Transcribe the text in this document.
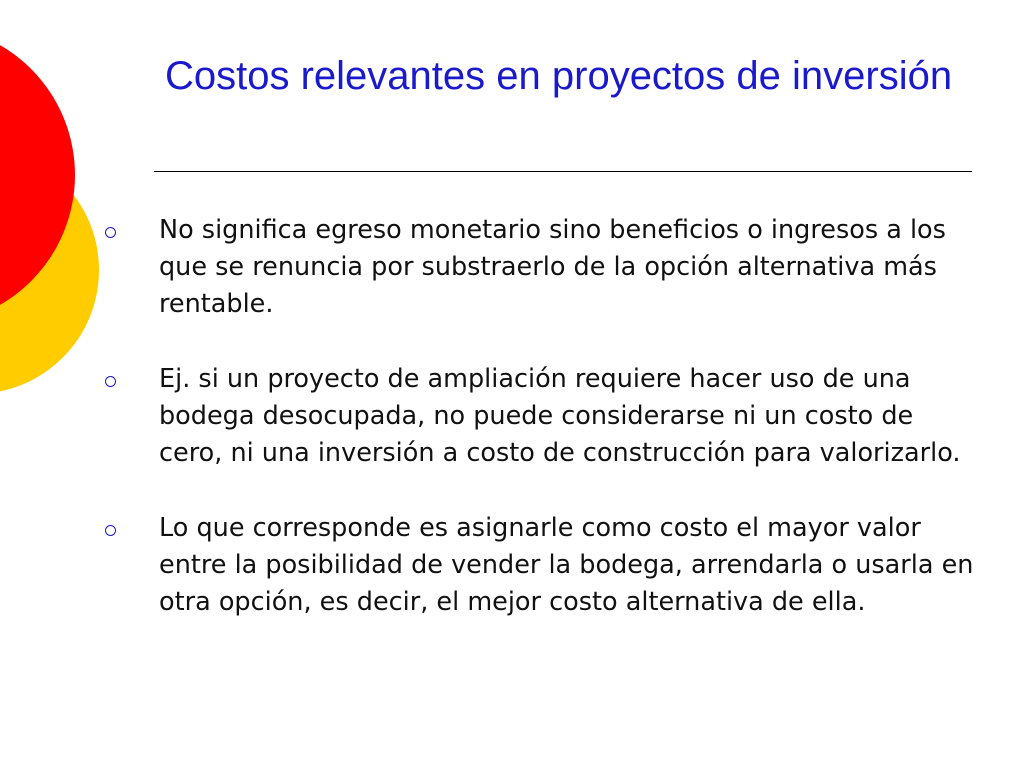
Costos relevantes en proyectos de inversión
No significa egreso monetario sino beneficios o ingresos a los que se renuncia por substraerlo de la opción alternativa más rentable.
Ej. si un proyecto de ampliación requiere hacer uso de una bodega desocupada, no puede considerarse ni un costo de cero, ni una inversión a costo de construcción para valorizarlo.
Lo que corresponde es asignarle como costo el mayor valor entre la posibilidad de vender la bodega, arrendarla o usarla en otra opción, es decir, el mejor costo alternativa de ella.
